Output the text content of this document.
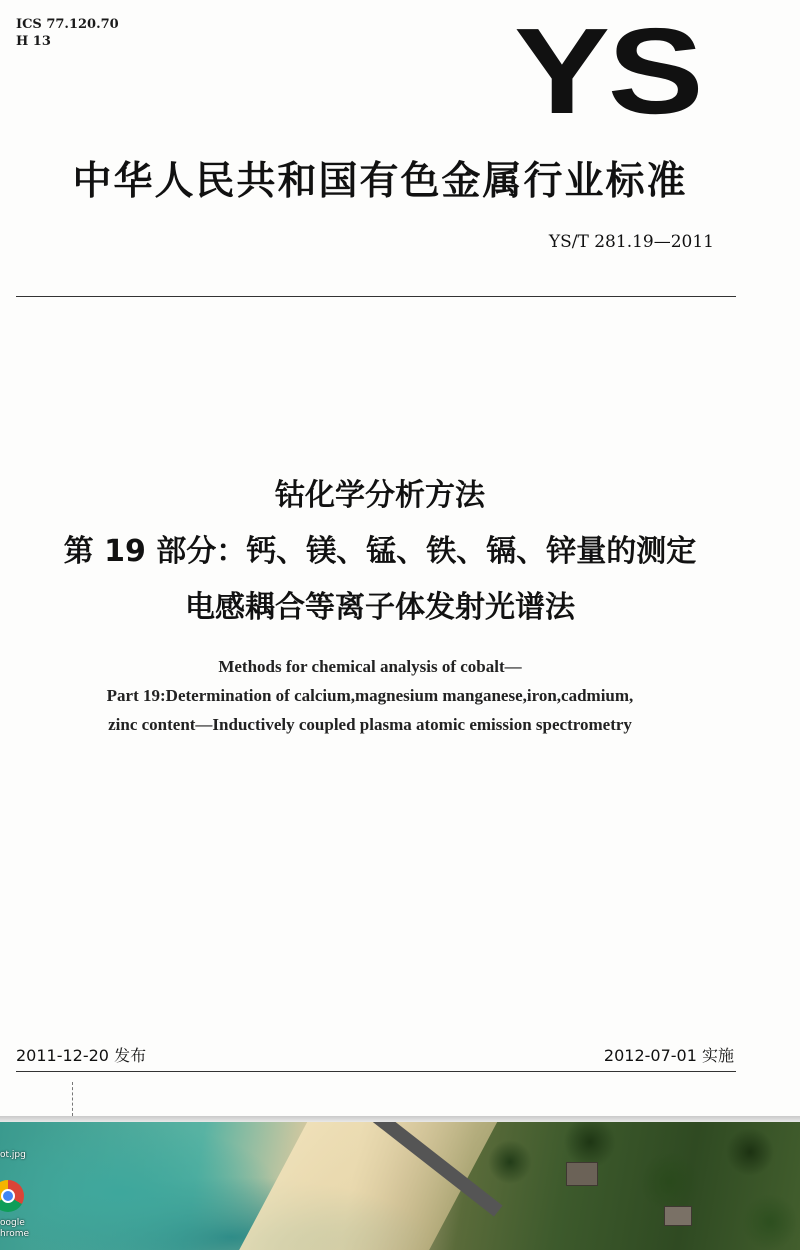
ICS 77.120.70
H 13	YS
中华人民共和国有色金属行业标准
YS/T 281.19—2011
钴化学分析方法
第 19 部分：钙、镁、锰、铁、镉、锌量的测定
电感耦合等离子体发射光谱法
Methods for chemical analysis of cobalt—
Part 19:Determination of calcium,magnesium manganese,iron,cadmium,
zinc content—Inductively coupled plasma atomic emission spectrometry
2011-12-20 发布	2012-07-01 实施
ot.jpg
oogle
hrome
